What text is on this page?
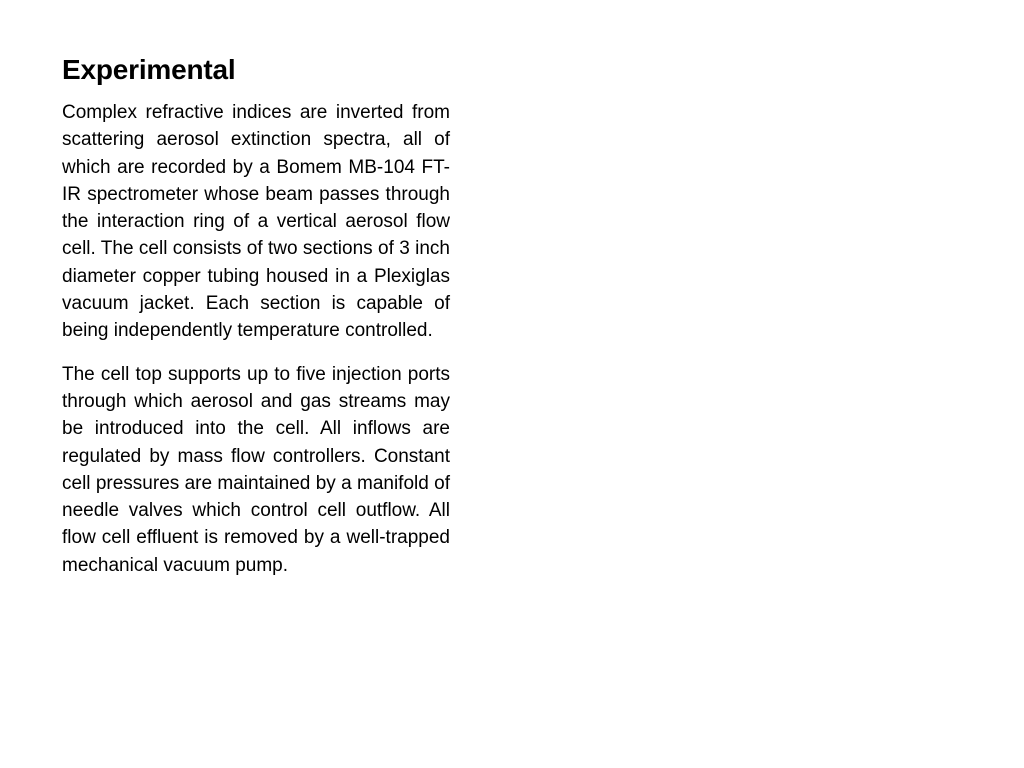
Experimental

Complex refractive indices are inverted from scattering aerosol extinction spectra, all of which are recorded by a Bomem MB-104 FT-IR spectrometer whose beam passes through the interaction ring of a vertical aerosol flow cell. The cell consists of two sections of 3 inch diameter copper tubing housed in a Plexiglas vacuum jacket. Each section is capable of being independently temperature controlled.

The cell top supports up to five injection ports through which aerosol and gas streams may be introduced into the cell. All inflows are regulated by mass flow controllers. Constant cell pressures are maintained by a manifold of needle valves which control cell outflow. All flow cell effluent is removed by a well-trapped mechanical vacuum pump.
